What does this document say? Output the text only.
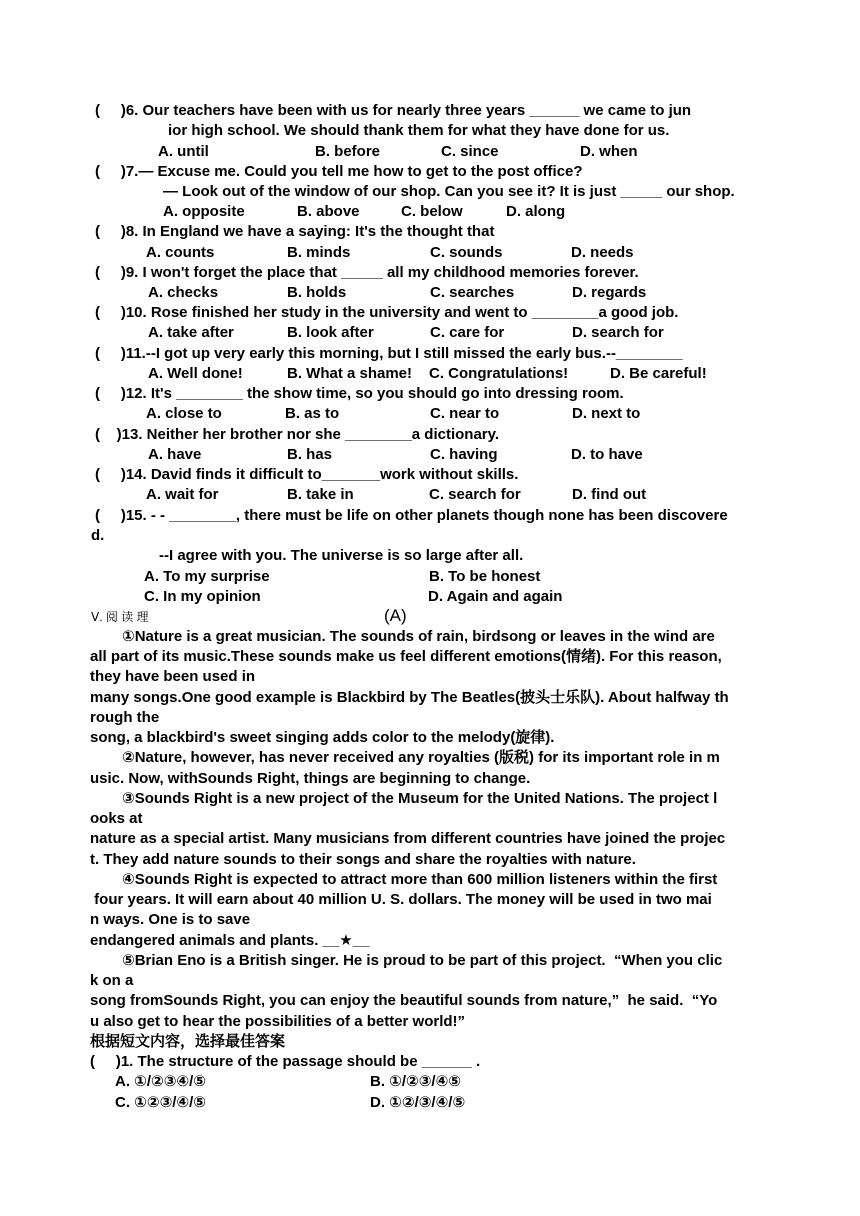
(     )6. Our teachers have been with us for nearly three years ______ we came to jun
ior high school. We should thank them for what they have done for us.
A. until	B. before	C. since	D. when
(     )7.— Excuse me. Could you tell me how to get to the post office?
— Look out of the window of our shop. Can you see it? It is just _____ our shop.
A. opposite	B. above	C. below	D. along
(     )8. In England we have a saying: It's the thought that
A. counts	B. minds	C. sounds	D. needs
(     )9. I won't forget the place that _____ all my childhood memories forever.
A. checks	B. holds	C. searches	D. regards
(     )10. Rose finished her study in the university and went to ________a good job.
A. take after	B. look after	C. care for	D. search for
(     )11.--I got up very early this morning, but I still missed the early bus.--________
A. Well done!	B. What a shame! C. Congratulations!	D. Be careful!
(     )12. It's ________ the show time, so you should go into dressing room.
A. close to	B. as to	C. near to	D. next to
(    )13. Neither her brother nor she ________a dictionary.
A. have	B. has	C. having	D. to have
(     )14. David finds it difficult to_______work without skills.
A. wait for	B. take in	C. search for	D. find out
(     )15. - - ________, there must be life on other planets though none has been discovere
d.
--I agree with you. The universe is so large after all.
A. To my surprise	B. To be honest
C. In my opinion	D. Again and again
Ⅴ. 阅 读 理	(A)
①Nature is a great musician. The sounds of rain, birdsong or leaves in the wind are
all part of its music.These sounds make us feel different emotions(情绪). For this reason,
they have been used in
many songs.One good example is Blackbird by The Beatles(披头士乐队). About halfway th
rough the
song, a blackbird's sweet singing adds color to the melody(旋律).
②Nature, however, has never received any royalties (版税) for its important role in m
usic. Now, withSounds Right, things are beginning to change.
③Sounds Right is a new project of the Museum for the United Nations. The project l
ooks at
nature as a special artist. Many musicians from different countries have joined the projec
t. They add nature sounds to their songs and share the royalties with nature.
④Sounds Right is expected to attract more than 600 million listeners within the first
four years. It will earn about 40 million U. S. dollars. The money will be used in two mai
n ways. One is to save
endangered animals and plants. __★__
⑤Brian Eno is a British singer. He is proud to be part of this project.  “When you clic
k on a
song fromSounds Right, you can enjoy the beautiful sounds from nature,”  he said.  “Yo
u also get to hear the possibilities of a better world!”
根据短文内容，选择最佳答案
(     )1. The structure of the passage should be ______ .
A. ①/②③④/⑤	B. ①/②③/④⑤
C. ①②③/④/⑤	D. ①②/③/④/⑤
